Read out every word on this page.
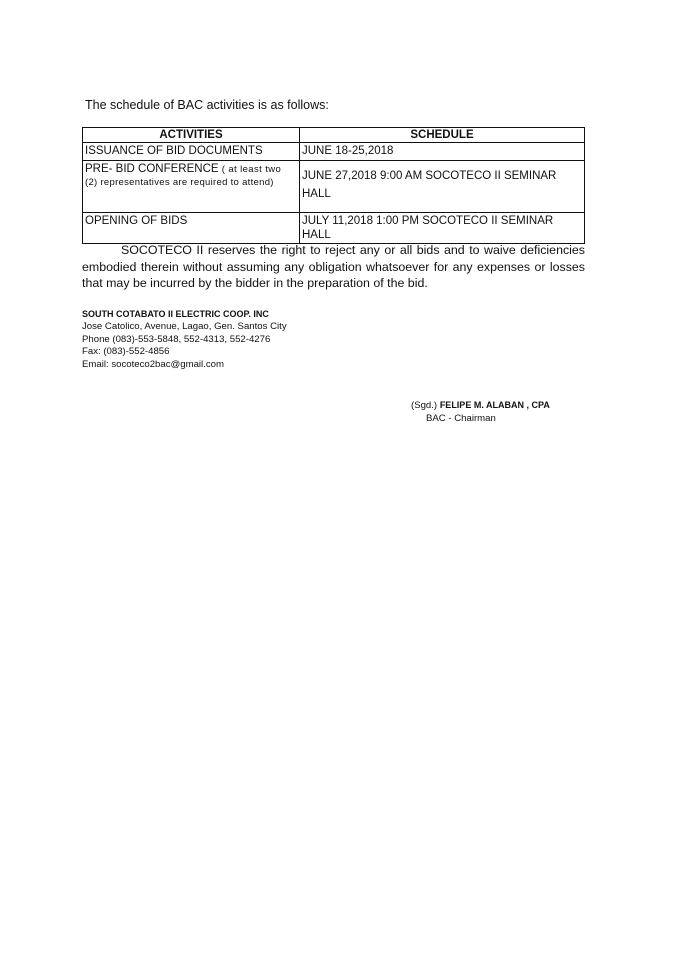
The schedule of BAC activities is as follows:
ACTIVITIES	SCHEDULE
ISSUANCE OF BID DOCUMENTS	JUNE 18-25,2018
PRE- BID CONFERENCE ( at least two
(2) representatives are required to attend)	JUNE 27,2018 9:00 AM SOCOTECO II SEMINAR HALL
OPENING OF BIDS	JULY 11,2018 1:00 PM SOCOTECO II SEMINAR HALL
SOCOTECO II reserves the right to reject any or all bids and to waive deficiencies embodied therein without assuming any obligation whatsoever for any expenses or losses that may be incurred by the bidder in the preparation of the bid.
SOUTH COTABATO II ELECTRIC COOP. INC
Jose Catolico, Avenue, Lagao, Gen. Santos City
Phone (083)-553-5848, 552-4313, 552-4276
Fax: (083)-552-4856
Email: socoteco2bac@gmail.com
(Sgd.) FELIPE M. ALABAN , CPA
BAC - Chairman
